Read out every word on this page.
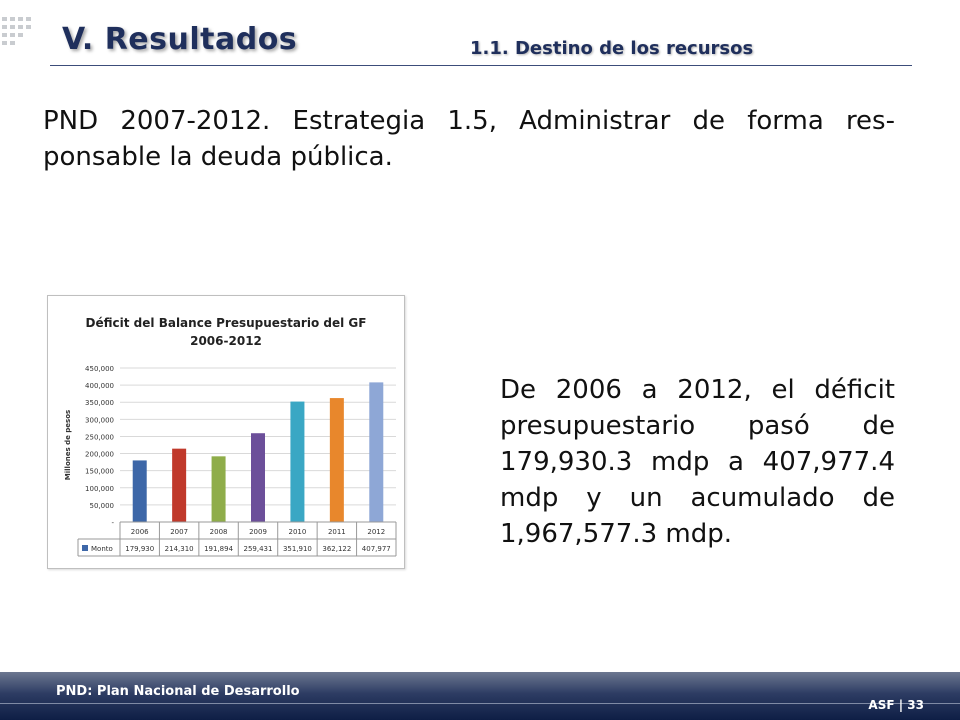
V. Resultados	1.1. Destino de los recursos
PND 2007-2012. Estrategia 1.5, Administrar de forma res- ponsable la deuda pública.
Déficit del Balance Presupuestario del GF
2006-2012
-
50,000
100,000
150,000
200,000
250,000
300,000
350,000
400,000
450,000
Millones de pesos
2006
179,930
2007
214,310
2008
191,894
2009
259,431
2010
351,910
2011
362,122
2012
407,977
Monto
De 2006 a 2012, el déficit presupuestario pasó de 179,930.3 mdp a 407,977.4 mdp y un acumulado de 1,967,577.3 mdp.
PND: Plan Nacional de Desarrollo
ASF | 33
